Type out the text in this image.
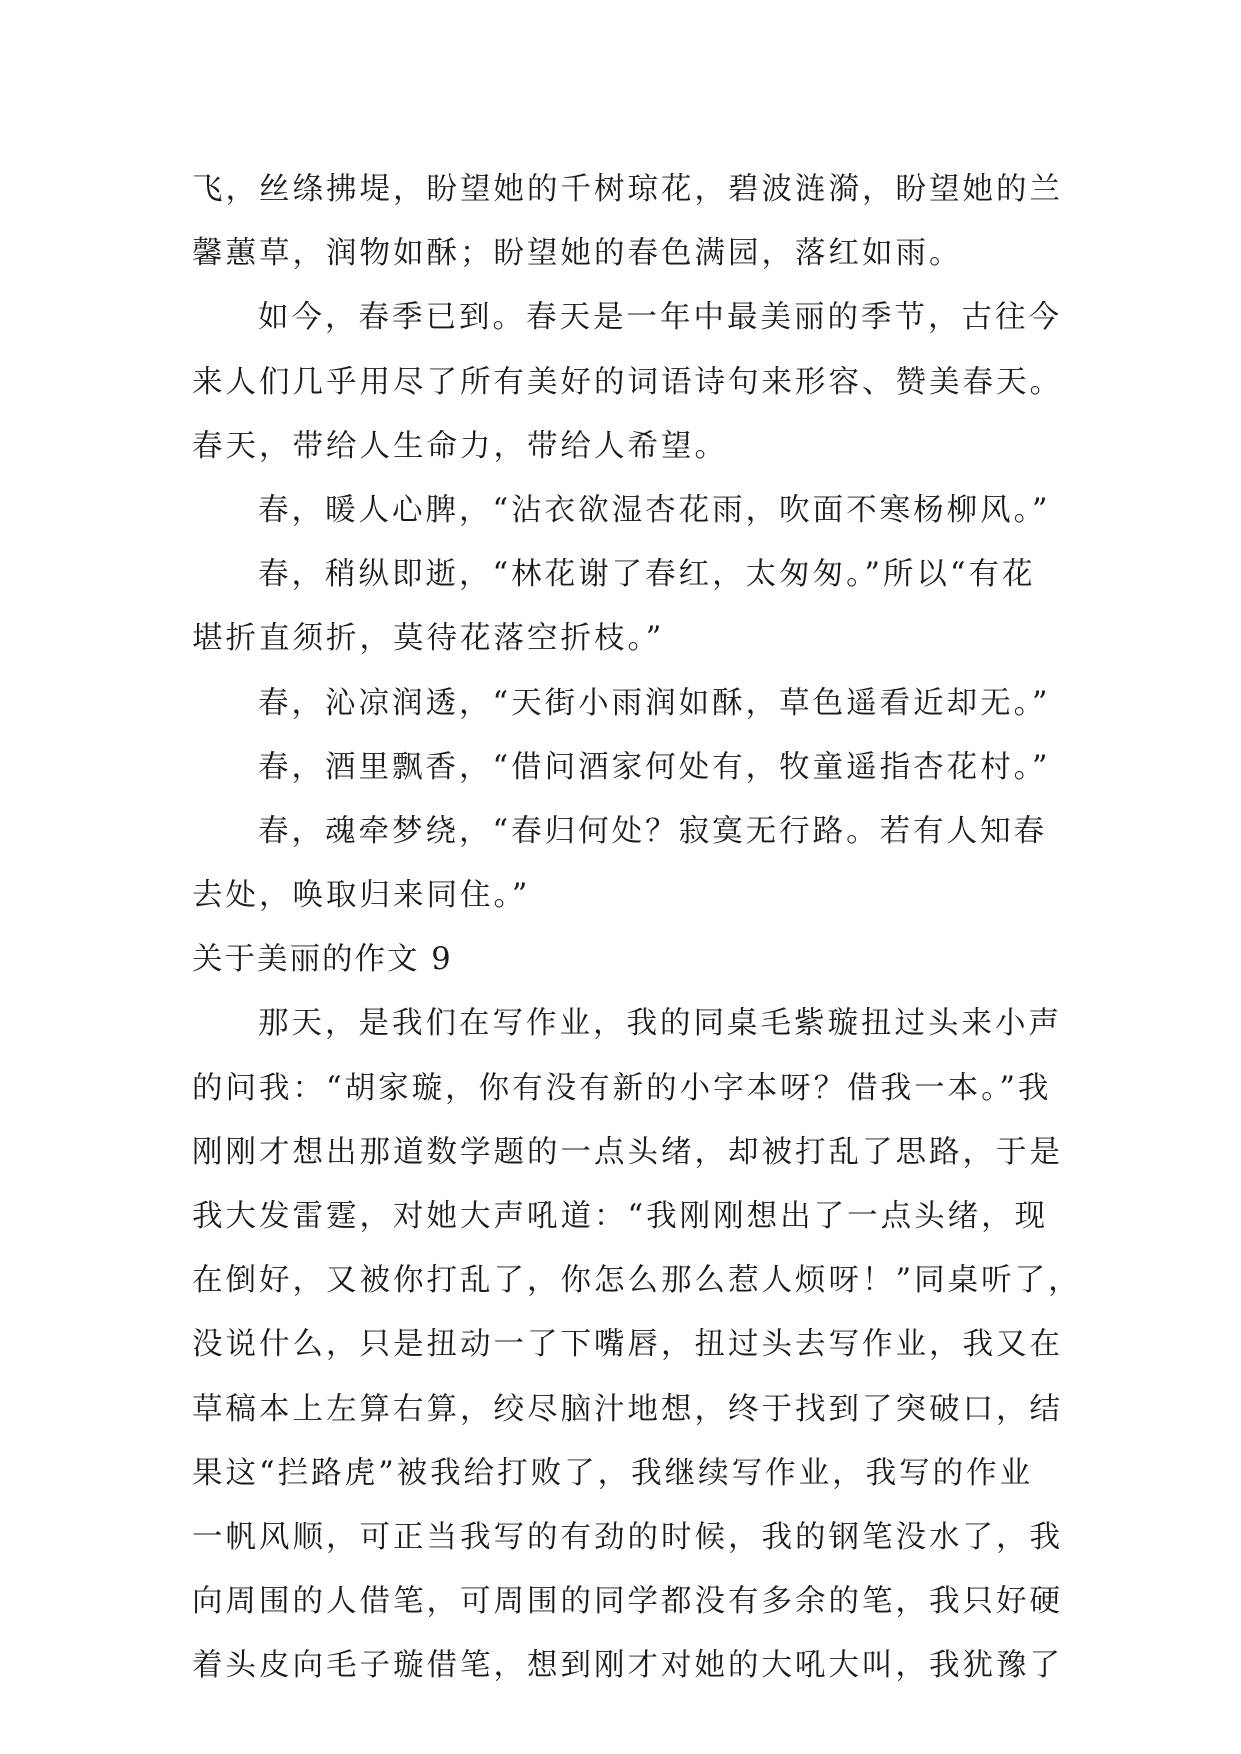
飞，丝绦拂堤，盼望她的千树琼花，碧波涟漪，盼望她的兰
馨蕙草，润物如酥；盼望她的春色满园，落红如雨。
如今，春季已到。春天是一年中最美丽的季节，古往今
来人们几乎用尽了所有美好的词语诗句来形容、赞美春天。
春天，带给人生命力，带给人希望。
春，暖人心脾，“沾衣欲湿杏花雨，吹面不寒杨柳风。”
春，稍纵即逝，“林花谢了春红，太匆匆。”所以“有花
堪折直须折，莫待花落空折枝。”
春，沁凉润透，“天街小雨润如酥，草色遥看近却无。”
春，酒里飘香，“借问酒家何处有，牧童遥指杏花村。”
春，魂牵梦绕，“春归何处？寂寞无行路。若有人知春
去处，唤取归来同住。”
关于美丽的作文 9
那天，是我们在写作业，我的同桌毛紫璇扭过头来小声
的问我：“胡家璇，你有没有新的小字本呀？借我一本。”我
刚刚才想出那道数学题的一点头绪，却被打乱了思路，于是
我大发雷霆，对她大声吼道：“我刚刚想出了一点头绪，现
在倒好，又被你打乱了，你怎么那么惹人烦呀！”同桌听了，
没说什么，只是扭动一了下嘴唇，扭过头去写作业，我又在
草稿本上左算右算，绞尽脑汁地想，终于找到了突破口，结
果这“拦路虎”被我给打败了，我继续写作业，我写的作业
一帆风顺，可正当我写的有劲的时候，我的钢笔没水了，我
向周围的人借笔，可周围的同学都没有多余的笔，我只好硬
着头皮向毛子璇借笔，想到刚才对她的大吼大叫，我犹豫了
